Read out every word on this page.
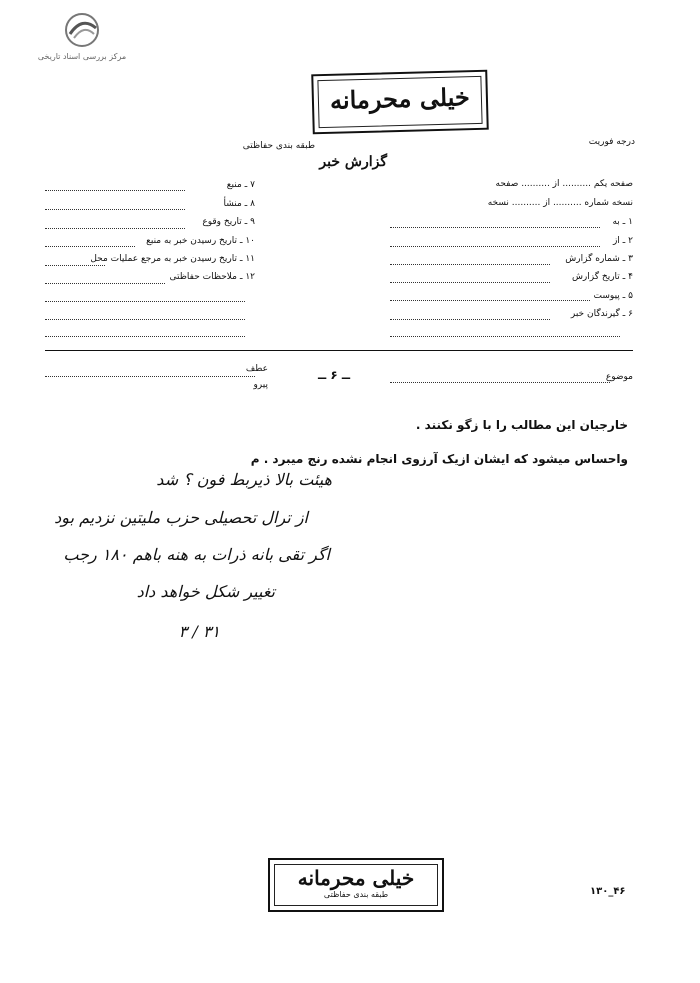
مرکز بررسی اسناد تاریخی
خیلی محرمانه
درجه فوریت
طبقه بندی حفاظتی
گزارش خبر
صفحه یکم .......... از .......... صفحه
نسخه شماره .......... از .......... نسخه
۱ ـ به
۲ ـ از
۳ ـ شماره گزارش
۴ ـ تاریخ گزارش
۵ ـ پیوست
۶ ـ گیرندگان خبر
۷ ـ منبع
۸ ـ منشأ
۹ ـ تاریخ وقوع
۱۰ ـ تاریخ رسیدن خبر به منبع
۱۱ ـ تاریخ رسیدن خبر به مرجع عملیات محل
۱۲ ـ ملاحظات حفاظتی
موضوع
ــ ۶ ــ
عطف
پیرو
خارجیان این مطالب را با زگو نکنند .
واحساس میشود که ایشان ازیک آرزوی انجام نشده رنج میبرد . م
هیئت بالا ذیربط فون ؟ شد
از ترال تحصیلی حزب ملیتین نزدیم بود
اگر تقی بانه ذرات به هنه باهم ۱۸۰ رجب
تغییر شکل خواهد داد
۳۱ / ۳
خیلی محرمانه
طبقه بندی حفاظتی	۴۶_۱۳۰
